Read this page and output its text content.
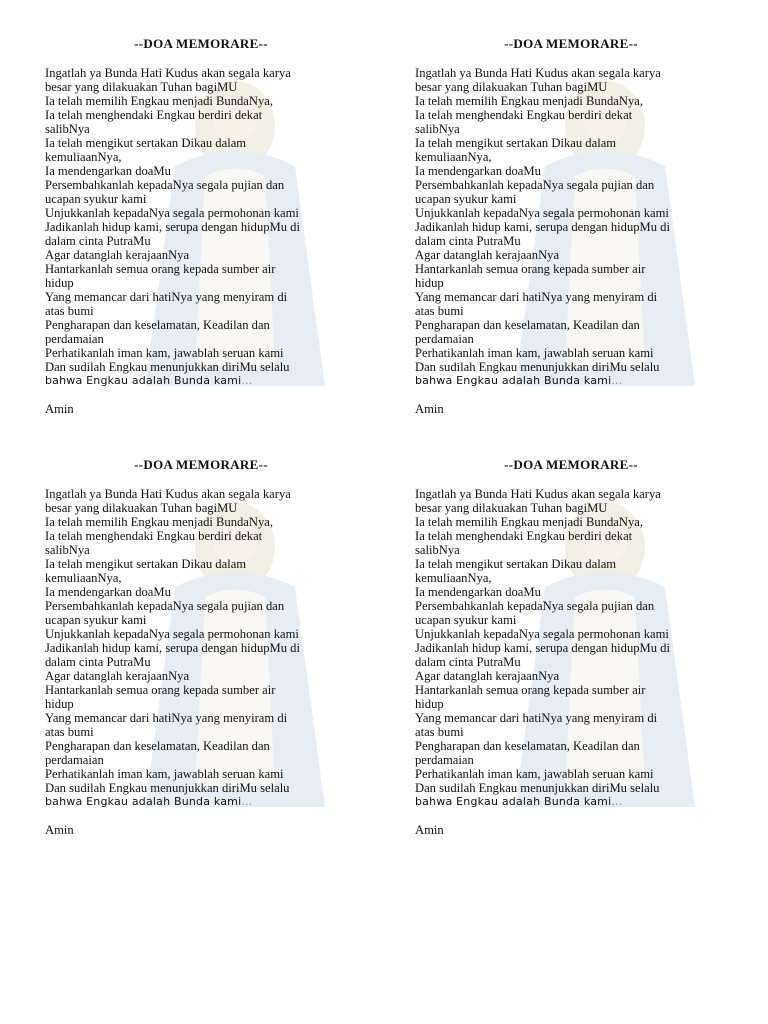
--DOA MEMORARE--
Ingatlah ya Bunda Hati Kudus akan segala karya
besar yang dilakuakan Tuhan bagiMU
Ia telah memilih Engkau menjadi BundaNya,
Ia telah menghendaki Engkau berdiri dekat
salibNya
Ia telah mengikut sertakan Dikau dalam
kemuliaanNya,
Ia mendengarkan doaMu
Persembahkanlah kepadaNya segala pujian dan
ucapan syukur kami
Unjukkanlah kepadaNya segala permohonan kami
Jadikanlah hidup kami, serupa dengan hidupMu di
dalam cinta PutraMu
Agar datanglah kerajaanNya
Hantarkanlah semua orang kepada sumber air
hidup
Yang memancar dari hatiNya yang menyiram di
atas bumi
Pengharapan dan keselamatan, Keadilan dan
perdamaian
Perhatikanlah iman kam, jawablah seruan kami
Dan sudilah Engkau menunjukkan diriMu selalu
bahwa Engkau adalah Bunda kami...
Amin
--DOA MEMORARE--
Ingatlah ya Bunda Hati Kudus akan segala karya
besar yang dilakuakan Tuhan bagiMU
Ia telah memilih Engkau menjadi BundaNya,
Ia telah menghendaki Engkau berdiri dekat
salibNya
Ia telah mengikut sertakan Dikau dalam
kemuliaanNya,
Ia mendengarkan doaMu
Persembahkanlah kepadaNya segala pujian dan
ucapan syukur kami
Unjukkanlah kepadaNya segala permohonan kami
Jadikanlah hidup kami, serupa dengan hidupMu di
dalam cinta PutraMu
Agar datanglah kerajaanNya
Hantarkanlah semua orang kepada sumber air
hidup
Yang memancar dari hatiNya yang menyiram di
atas bumi
Pengharapan dan keselamatan, Keadilan dan
perdamaian
Perhatikanlah iman kam, jawablah seruan kami
Dan sudilah Engkau menunjukkan diriMu selalu
bahwa Engkau adalah Bunda kami...
Amin
--DOA MEMORARE--
Ingatlah ya Bunda Hati Kudus akan segala karya
besar yang dilakuakan Tuhan bagiMU
Ia telah memilih Engkau menjadi BundaNya,
Ia telah menghendaki Engkau berdiri dekat
salibNya
Ia telah mengikut sertakan Dikau dalam
kemuliaanNya,
Ia mendengarkan doaMu
Persembahkanlah kepadaNya segala pujian dan
ucapan syukur kami
Unjukkanlah kepadaNya segala permohonan kami
Jadikanlah hidup kami, serupa dengan hidupMu di
dalam cinta PutraMu
Agar datanglah kerajaanNya
Hantarkanlah semua orang kepada sumber air
hidup
Yang memancar dari hatiNya yang menyiram di
atas bumi
Pengharapan dan keselamatan, Keadilan dan
perdamaian
Perhatikanlah iman kam, jawablah seruan kami
Dan sudilah Engkau menunjukkan diriMu selalu
bahwa Engkau adalah Bunda kami...
Amin
--DOA MEMORARE--
Ingatlah ya Bunda Hati Kudus akan segala karya
besar yang dilakuakan Tuhan bagiMU
Ia telah memilih Engkau menjadi BundaNya,
Ia telah menghendaki Engkau berdiri dekat
salibNya
Ia telah mengikut sertakan Dikau dalam
kemuliaanNya,
Ia mendengarkan doaMu
Persembahkanlah kepadaNya segala pujian dan
ucapan syukur kami
Unjukkanlah kepadaNya segala permohonan kami
Jadikanlah hidup kami, serupa dengan hidupMu di
dalam cinta PutraMu
Agar datanglah kerajaanNya
Hantarkanlah semua orang kepada sumber air
hidup
Yang memancar dari hatiNya yang menyiram di
atas bumi
Pengharapan dan keselamatan, Keadilan dan
perdamaian
Perhatikanlah iman kam, jawablah seruan kami
Dan sudilah Engkau menunjukkan diriMu selalu
bahwa Engkau adalah Bunda kami...
Amin
